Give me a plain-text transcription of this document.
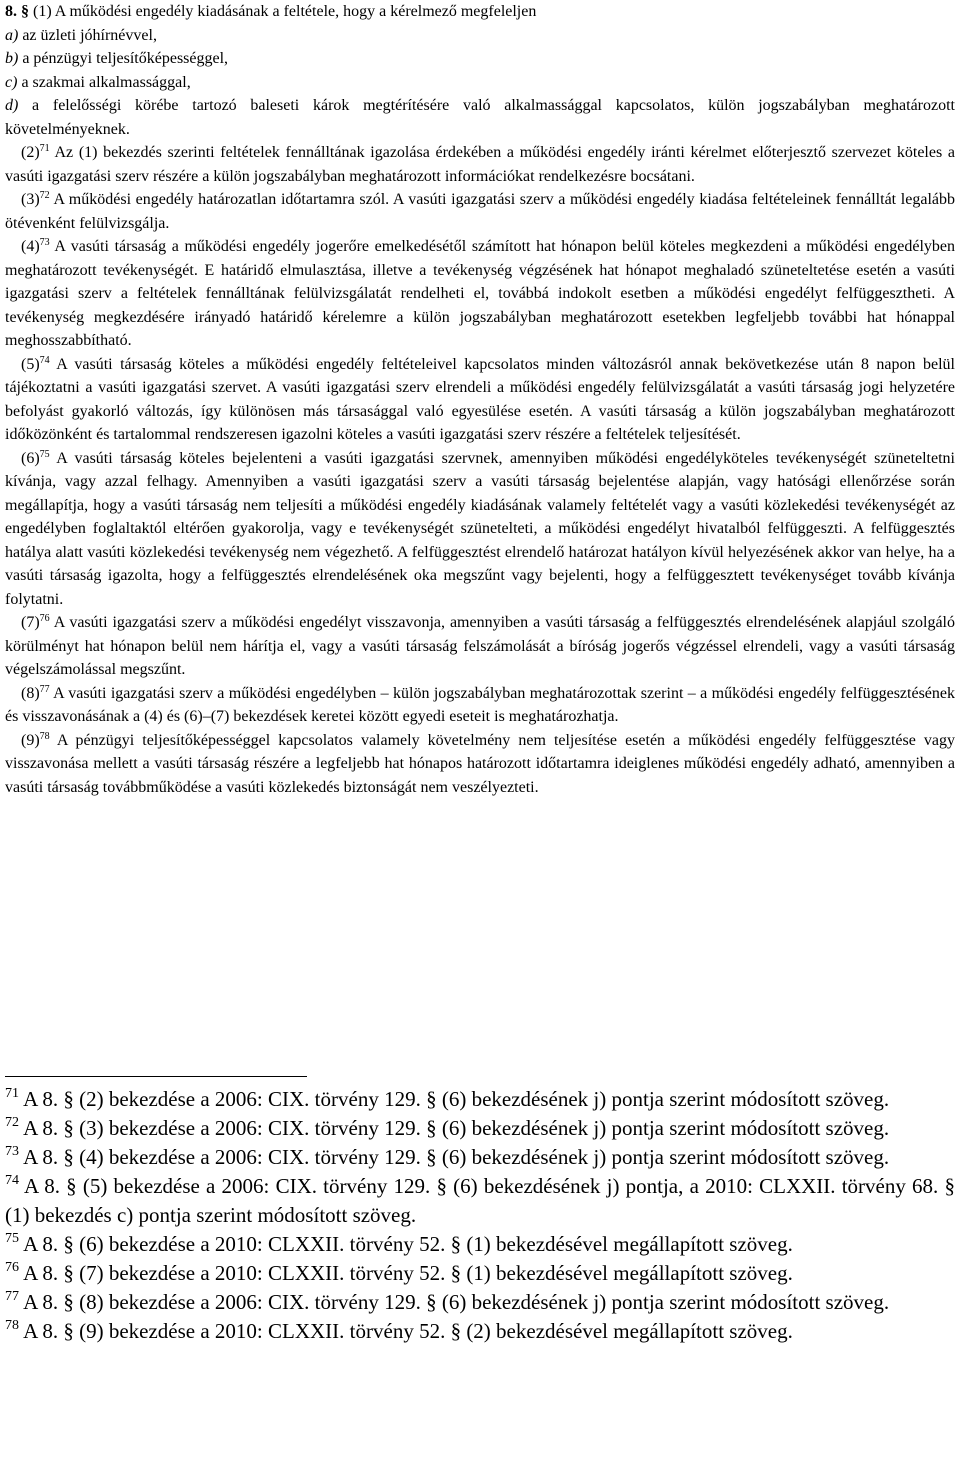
8. § (1) A működési engedély kiadásának a feltétele, hogy a kérelmező megfeleljen

a) az üzleti jóhírnévvel,

b) a pénzügyi teljesítőképességgel,

c) a szakmai alkalmassággal,

d) a felelősségi körébe tartozó baleseti károk megtérítésére való alkalmassággal kapcsolatos, külön jogszabályban meghatározott követelményeknek.

$(2)^{71}$ Az (1) bekezdés szerinti feltételek fennálltának igazolása érdekében a működési engedély iránti kérelmet előterjesztő szervezet köteles a vasúti igazgatási szerv részére a külön jogszabályban meghatározott információkat rendelkezésre bocsátani.

$(3)^{72}$ A működési engedély határozatlan időtartamra szól. A vasúti igazgatási szerv a működési engedély kiadása feltételeinek fennálltát legalább ötévenként felülvizsgálja.

$(4)^{73}$ A vasúti társaság a működési engedély jogerőre emelkedésétől számított hat hónapon belül köteles megkezdeni a működési engedélyben meghatározott tevékenységét. E határidő elmulasztása, illetve a tevékenység végzésének hat hónapot meghaladó szüneteltetése esetén a vasúti igazgatási szerv a feltételek fennálltának felülvizsgálatát rendelheti el, továbbá indokolt esetben a működési engedélyt felfüggesztheti. A tevékenység megkezdésére irányadó határidő kérelemre a külön jogszabályban meghatározott esetekben legfeljebb további hat hónappal meghosszabbítható.

$(5)^{74}$ A vasúti társaság köteles a működési engedély feltételeivel kapcsolatos minden változásról annak bekövetkezése után 8 napon belül tájékoztatni a vasúti igazgatási szervet. A vasúti igazgatási szerv elrendeli a működési engedély felülvizsgálatát a vasúti társaság jogi helyzetére befolyást gyakorló változás, így különösen más társasággal való egyesülése esetén. A vasúti társaság a külön jogszabályban meghatározott időközönként és tartalommal rendszeresen igazolni köteles a vasúti igazgatási szerv részére a feltételek teljesítését.

$(6)^{75}$ A vasúti társaság köteles bejelenteni a vasúti igazgatási szervnek, amennyiben működési engedélyköteles tevékenységét szüneteltetni kívánja, vagy azzal felhagy. Amennyiben a vasúti igazgatási szerv a vasúti társaság bejelentése alapján, vagy hatósági ellenőrzése során megállapítja, hogy a vasúti társaság nem teljesíti a működési engedély kiadásának valamely feltételét vagy a vasúti közlekedési tevékenységét az engedélyben foglaltaktól eltérően gyakorolja, vagy e tevékenységét szünetelteti, a működési engedélyt hivatalból felfüggeszti. A felfüggesztés hatálya alatt vasúti közlekedési tevékenység nem végezhető. A felfüggesztést elrendelő határozat hatályon kívül helyezésének akkor van helye, ha a vasúti társaság igazolta, hogy a felfüggesztés elrendelésének oka megszűnt vagy bejelenti, hogy a felfüggesztett tevékenységet tovább kívánja folytatni.

$(7)^{76}$ A vasúti igazgatási szerv a működési engedélyt visszavonja, amennyiben a vasúti társaság a felfüggesztés elrendelésének alapjául szolgáló körülményt hat hónapon belül nem hárítja el, vagy a vasúti társaság felszámolását a bíróság jogerős végzéssel elrendeli, vagy a vasúti társaság végelszámolással megszűnt.

$(8)^{77}$ A vasúti igazgatási szerv a működési engedélyben – külön jogszabályban meghatározottak szerint – a működési engedély felfüggesztésének és visszavonásának a (4) és (6)–(7) bekezdések keretei között egyedi eseteit is meghatározhatja.

$(9)^{78}$ A pénzügyi teljesítőképességgel kapcsolatos valamely követelmény nem teljesítése esetén a működési engedély felfüggesztése vagy visszavonása mellett a vasúti társaság részére a legfeljebb hat hónapos határozott időtartamra ideiglenes működési engedély adható, amennyiben a vasúti társaság továbbműködése a vasúti közlekedés biztonságát nem veszélyezteti.

$^{71}$ A 8. § (2) bekezdése a 2006: CIX. törvény 129. § (6) bekezdésének j) pontja szerint módosított szöveg.

$^{72}$ A 8. § (3) bekezdése a 2006: CIX. törvény 129. § (6) bekezdésének j) pontja szerint módosított szöveg.

$^{73}$ A 8. § (4) bekezdése a 2006: CIX. törvény 129. § (6) bekezdésének j) pontja szerint módosított szöveg.

$^{74}$ A 8. § (5) bekezdése a 2006: CIX. törvény 129. § (6) bekezdésének j) pontja, a 2010: CLXXII. törvény 68. § (1) bekezdés c) pontja szerint módosított szöveg.

$^{75}$ A 8. § (6) bekezdése a 2010: CLXXII. törvény 52. § (1) bekezdésével megállapított szöveg.

$^{76}$ A 8. § (7) bekezdése a 2010: CLXXII. törvény 52. § (1) bekezdésével megállapított szöveg.

$^{77}$ A 8. § (8) bekezdése a 2006: CIX. törvény 129. § (6) bekezdésének j) pontja szerint módosított szöveg.

$^{78}$ A 8. § (9) bekezdése a 2010: CLXXII. törvény 52. § (2) bekezdésével megállapított szöveg.
